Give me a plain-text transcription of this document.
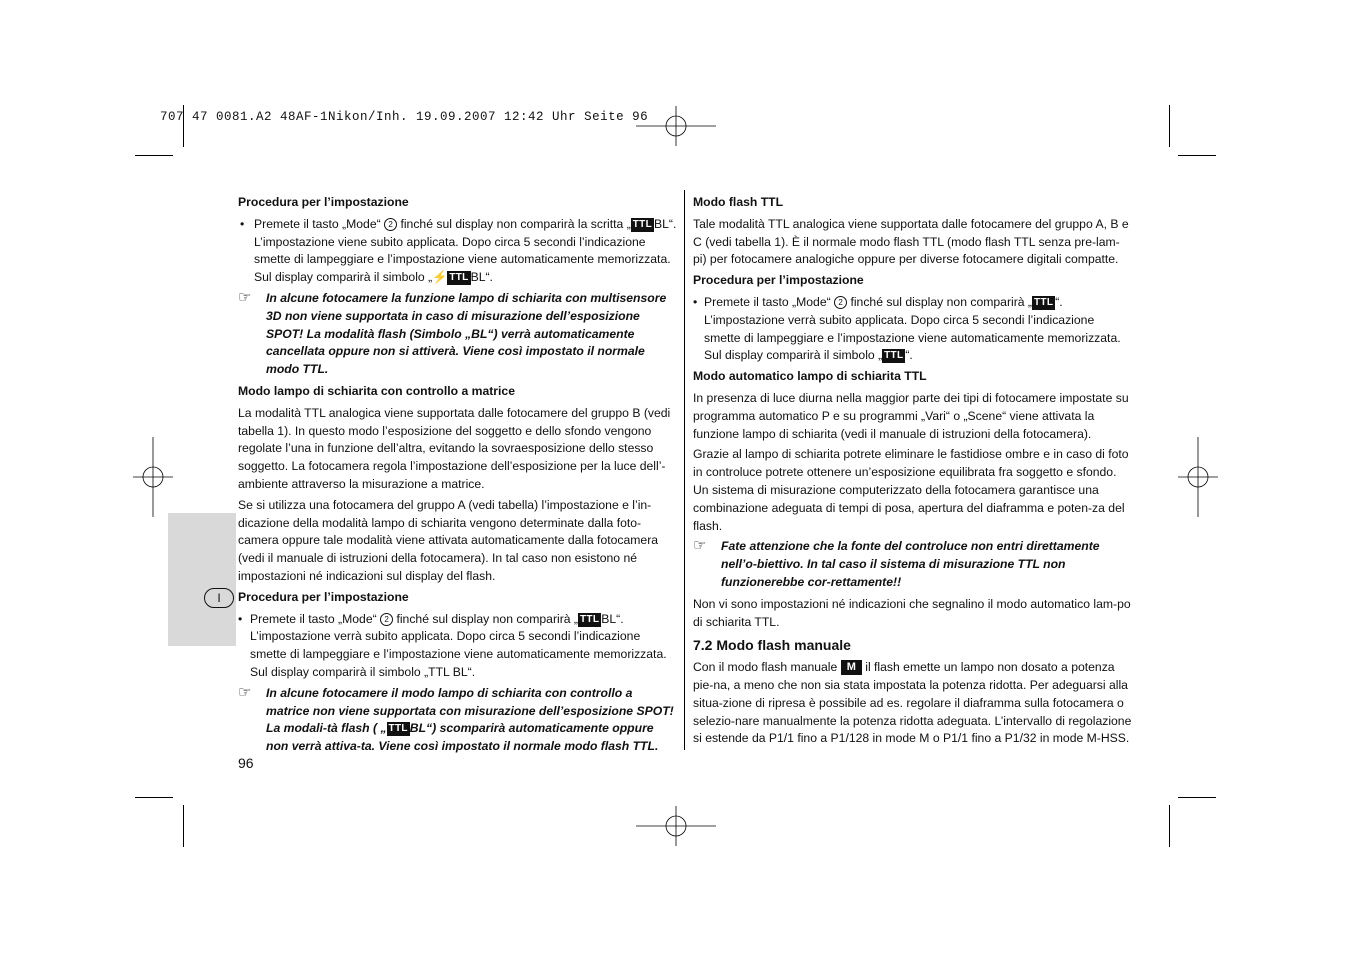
707 47 0081.A2 48AF-1Nikon/Inh. 19.09.2007 12:42 Uhr Seite 96
I
Procedura per l’impostazione
• Premete il tasto „Mode“ 2 finché sul display non comparirà la scritta „ TTL BL“. L’impostazione viene subito applicata. Dopo circa 5 secondi l’indicazione smette di lampeggiare e l’impostazione viene automaticamente memorizzata. Sul display comparirà il simbolo „⚡ TTL BL“.
☞ In alcune fotocamere la funzione lampo di schiarita con multisensore 3D non viene supportata in caso di misurazione dell’esposizione SPOT! La modalità flash (Simbolo „BL“) verrà automaticamente cancellata oppure non si attiverà. Viene così impostato il normale modo TTL.
Modo lampo di schiarita con controllo a matrice

La modalità TTL analogica viene supportata dalle fotocamere del gruppo B (vedi tabella 1). In questo modo l’esposizione del soggetto e dello sfondo vengono regolate l’una in funzione dell’altra, evitando la sovraesposizione dello stesso soggetto. La fotocamera regola l’impostazione dell’esposizione per la luce dell’-ambiente attraverso la misurazione a matrice.

Se si utilizza una fotocamera del gruppo A (vedi tabella) l’impostazione e l’in-dicazione della modalità lampo di schiarita vengono determinate dalla foto-camera oppure tale modalità viene attivata automaticamente dalla fotocamera (vedi il manuale di istruzioni della fotocamera). In tal caso non esistono né impostazioni né indicazioni sul display del flash.

Procedura per l’impostazione
• Premete il tasto „Mode“ 2 finché sul display non comparirà „ TTL BL“. L’impostazione verrà subito applicata. Dopo circa 5 secondi l’indicazione smette di lampeggiare e l’impostazione viene automaticamente memorizzata. Sul display comparirà il simbolo „TTL BL“.
☞ In alcune fotocamere il modo lampo di schiarita con controllo a matrice non viene supportata con misurazione dell’esposizione SPOT! La modali-tà flash ( „ TTL BL“) scomparirà automaticamente oppure non verrà attiva-ta. Viene così impostato il normale modo flash TTL.
96
Modo flash TTL

Tale modalità TTL analogica viene supportata dalle fotocamere del gruppo A, B e C (vedi tabella 1). È il normale modo flash TTL (modo flash TTL senza pre-lam-pi) per fotocamere analogiche oppure per diverse fotocamere digitali compatte.

Procedura per l’impostazione
• Premete il tasto „Mode“ 2 finché sul display non comparirà „ TTL “. L’impostazione verrà subito applicata. Dopo circa 5 secondi l’indicazione smette di lampeggiare e l’impostazione viene automaticamente memorizzata. Sul display comparirà il simbolo „ TTL “.
Modo automatico lampo di schiarita TTL

In presenza di luce diurna nella maggior parte dei tipi di fotocamere impostate su programma automatico P e su programmi „Vari“ o „Scene“ viene attivata la funzione lampo di schiarita (vedi il manuale di istruzioni della fotocamera).

Grazie al lampo di schiarita potrete eliminare le fastidiose ombre e in caso di foto in controluce potrete ottenere un’esposizione equilibrata fra soggetto e sfondo. Un sistema di misurazione computerizzato della fotocamera garantisce una combinazione adeguata di tempi di posa, apertura del diaframma e poten-za del flash.

☞ Fate attenzione che la fonte del controluce non entri direttamente nell’o-biettivo. In tal caso il sistema di misurazione TTL non funzionerebbe cor-rettamente!!

Non vi sono impostazioni né indicazioni che segnalino il modo automatico lam-po di schiarita TTL.

7.2 Modo flash manuale

Con il modo flash manuale M il flash emette un lampo non dosato a potenza pie-na, a meno che non sia stata impostata la potenza ridotta. Per adeguarsi alla situa-zione di ripresa è possibile ad es. regolare il diaframma sulla fotocamera o selezio-nare manualmente la potenza ridotta adeguata. L’intervallo di regolazione si estende da P1/1 fino a P1/128 in mode M o P1/1 fino a P1/32 in mode M-HSS.
